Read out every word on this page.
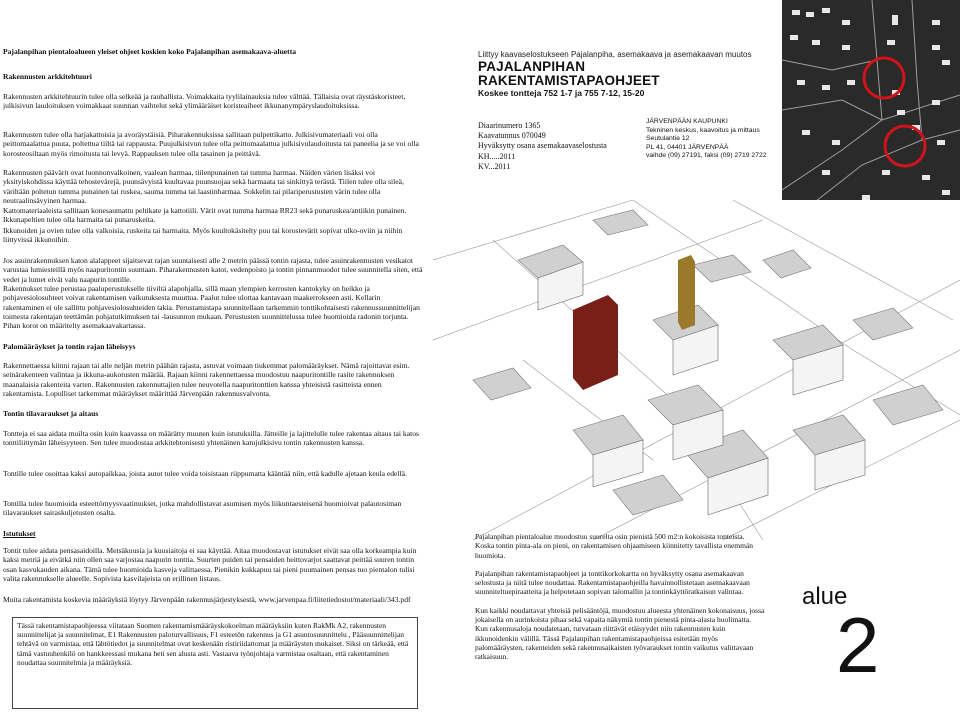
Pajalanpihan pientaloalueen yleiset ohjeet koskien koko Pajalanpihan asemakaava-aluetta

Rakennusten arkkitehtuuri

Rakennusten arkkitehtuurin tulee olla selkeää ja rauhallista. Voimakkaita tyylilainauksia tulee välttää. Tällaisia ovat räystäskoristeet, julkisivun laudoituksen voimakkaat suunnan vaihtelut sekä ylimääräiset koristeaiheet ikkunanympäryslaudoituksissa.

Rakennusten tulee olla harjakattoisia ja avoräystäisiä. Piharakennuksissa sallitaan pulpettikatto. Julkisivumateriaali voi olla peittomaalattua puuta, poltettua tiiltä tai rappausta. Puujulkisivun tulee olla peittomaalattua julkisivulaudoitusta tai paneelia ja se voi olla korosteosiltaan myös rimoitusta tai levyä. Rappauksen tulee olla tasainen ja peittävä.

Rakennusten päävärit ovat luonnonvalkoinen, vaalean harmaa, tiilenpunainen tai tumma harmaa. Näiden värien lisäksi voi yksityiskohdissa käyttää tehostevärejä, puunsävyistä kuultavaa puunsuojaa sekä harmaata tai sinkittyä terästä. Tiilen tulee olla sileä, väriltään poltetun tumma punainen tai ruskea, sauma tumma tai laastinharmaa. Sokkelin tai pilariperustusten värin tulee olla neutraalinsävyinen harmaa.

Kattomateriaaleista sallitaan konesaumattu peltikate ja kattotiili. Värit ovat tumma harmaa RR23 sekä punaruskea/antiikin punainen. Ikkunapeltien tulee olla harmaita tai punaruskeita.

Ikkunoiden ja ovien tulee olla valkoisia, ruskeita tai harmaita. Myös kuultokäsitelty puu tai korostevärit sopivat ulko-oviin ja niihin liittyvissä ikkunoihin.

Jos asuinrakennuksen katon alalappeet sijaitsevat rajan suuntaisesti alle 2 metrin päässä tontin rajasta, tulee asuinrakennusten vesikatot varustaa lumiesteillä myös naapuritontin suuntaan. Piharakennusten katot, vedenpoisto ja tontin pinnanmuodot tulee suunnitella siten, että vedet ja lumet eivät valu naapurin tontille.

Rakennukset tulee perustaa paaluperustukselle tiiviltä alapohjalla, sillä maan ylempien kerrosten kantokyky on heikko ja pohjavesiolosuhteet voivat rakentamisen vaikutuksesta muuttua. Paalut tulee ulottaa kantavaan maakerrokseen asti. Kellarin rakentaminen ei ole sallittu pohjavesiolosuhteiden takia. Perustamistapa suunnitellaan tarkemmin tonttikohtaisesti rakennussuunnittelijan toimesta rakentajan teettämän pohjatutkimuksen tai -lausunnon mukaan. Perustusten suunnittelussa tulee huomioida radonin torjunta. Pihan korot on määritelty asemakaavakartassa.

Palomääräykset ja tontin rajan läheisyys

Rakennettaessa kiinni rajaan tai alle neljän metrin päähän rajasta, astuvat voimaan tiukemmat palomääräykset. Nämä rajoittavat esim. seinärakenteen valintaa ja ikkuna-aukotusten määrää. Rajaan kiinni rakennettaessa muodostuu naapuritontille rasite rakennuksen maanalaisia rakenteita varten. Rakennusten rakennuttajien tulee neuvotella naapuritonttien kanssa yhteisistä rasitteista ennen rakentamista. Lopulliset tarkemmat määräykset määrittää Järvenpään rakennusvalvonta.

Tontin tilavaraukset ja aitaus

Tontteja ei saa aidata muilta osin kuin kaavassa on määrätty muuten kuin istutuksilla. Jätteille ja lajittelulle tulee rakentaa aitaus tai katos tonttiliittymän läheisyyteen. Sen tulee muodostaa arkkitehtonisesti yhtenäinen katujulkisivu tontin rakennusten kanssa.

Tontille tulee osoittaa kaksi autopaikkaa, joista autot tulee voida toisistaan riippumatta kääntää niin, että kadulle ajetaan keula edellä.

Tontilla tulee huomioida esteettömyysvaatimukset, jotka mahdollistavat asumisen myös liikuntaesteisenä huomioivat palautosiman tilavaraukset sairaskuljetusten osalta.

Istutukset

Tontit tulee aidata pensasaidoilla. Metsäkuusia ja kuusiaitoja ei saa käyttää. Aitaa muodostavat istutukset eivät saa olla korkeampia kuin kaksi metriä ja eivätkä niin ollen saa varjostaa naapurin tonttia. Suurten puiden tai pensaiden heittovarjot saattavat peittää suuren tontin osan kasvukauden aikana. Tämä tulee huomioida kasveja valittaessa. Pienikin kukkapuu tai pieni puumainen pensas tuo pientalon tulisi valita rakennukselle alueelle. Sopivista kasvilajeista on erillinen listaus.

Muita rakentamista koskevia määräyksiä löytyy Järvenpään rakennusjärjestyksestä, www.jarvenpaa.fi/liitetiedostot/materiaali/343.pdf

Tässä rakentamistapaohjeessa viitataan Suomen rakentamismääräyskokoelman määräyksiin kuten RakMk A2, rakennusten suunnittelijat ja suunnitelmat, E1 Rakennusten paloturvallisuus, F1 esteetön rakennus ja G1 asuntosuunnittelu , Pääsuunnittelijan tehtävä on varmistaa, että lähtötiedot ja suunnitelmat ovat keskenään ristiriidattomat ja määräysten mukaiset. Siksi on tärkeää, että tämä vastuuhenkilö on hankkeessasi mukana heti sen alusta asti. Vastaava työnjohtaja varmistaa osaltaan, että rakentaminen noudattaa suunnitelmia ja määräyksiä.
Liittyy kaavaselostukseen Pajalanpiha, asemakaava ja asemakaavan muutos
PAJALANPIHAN
RAKENTAMISTAPAOHJEET
Koskee tontteja 752 1-7 ja 755 7-12, 15-20
Diaarinumero 1365
Kaavatunnus 070049
Hyväksytty osana asemakaavaselostusta
KH.....2011
KV...2011
JÄRVENPÄÄN KAUPUNKI
Tekninen keskus, kaavoitus ja mittaus
Seutulantie 12
PL 41, 04401 JÄRVENPÄÄ
vaihde (09) 27191, faksi (09) 2719 2722

Pajalanpihan pientaloalue muodostuu suurelta osin pienistä 500 m2:n kokoisista tonteista. Koska tontin pinta-ala on pieni, on rakentamisen ohjaamiseen kiinnitetty tavallista enemmän huomiota.

Pajalanpihan rakentamistapaohjeet ja tonttikorkokartta on hyväksytty osana asemakaavan selostusta ja niitä tulee noudattaa. Rakentamistapaohjeilla havainnollistetaan asemakaavaan suunniteltuepiraatteita ja helpotetaan sopivan talomallin ja tontinkäyttöratkaisun valintaa.

Kun kaikki noudattavat yhteisiä pelisääntöjä, muodostuu alueesta yhtenäinen kokonaisuus, jossa jokaisella on aurinkoista pihaa sekä vapaita näkymiä tontin pienestä pinta-alasta huolimatta. Kun rakennusaloja noudatetaan, turvataan riittävät etäisyydet niin rakennusten kuin ikkunoidenkin välillä. Tässä Pajalanpihan rakentamistapaohjeissa esitetään myös palomääräysten, rakenteiden sekä rakennusaikaisten työvaraukset tontin vaikutus valittavaan ratkaisuun.

alue
2
